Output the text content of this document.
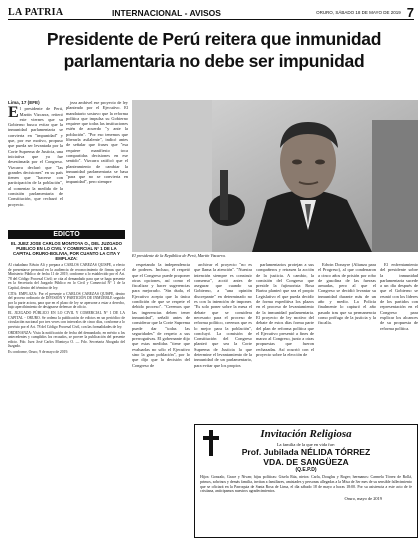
LA PATRIA	INTERNACIONAL - AVISOS	ORURO, SÁBADO 18 DE MAYO DE 2019 7
Presidente de Perú reitera que inmunidad
parlamentaria no debe ser impunidad

Lima, 17 (EFE)

El presidente de Perú, Martín Vizcarra, reiteró este viernes que su Gobierno busca evitar que la inmunidad parlamentaria se convierta en "impunidad" y que, por ese motivo, propuso que pueda ser levantada por la Corte Suprema de Justicia, una iniciativa que ya fue desestimada por el Congreso. Vizcarra declaró que "las grandes decisiones" en su país tienen que "hacerse con participación de la población", al comentar la medida de la comisión parlamentaria de Constitución, que rechazó el proyecto.

jeza ambivel ese proyecto de ley planteado por el Ejecutivo. El mandatario sostuvo que la reforma política que impulsa su Gobierno requiere que todas las instituciones estén de acuerdo "y ante la población". "Por eso tenemos que liberarla asilalente", indicó antes de señalar que frases que "esa requiere manifiesto toca compartidas decisiones en ese sentido". Vizcarra ratificó que el planteamiento de cambiar la inmunidad parlamentaria se basa "para que no se convierta en impunidad", pero siempre

El presidente de la República de Perú, Martín Vizcarra.
EDICTO
EL JUEZ JOSE CARLOS MONTOYA O., DEL JUZGADO PUBLICO EN LO CIVIL Y COMERCIAL N° 1 DE LA CAPITAL ORURO-BOLIVIA, POR CUANTO LA CITA Y EMPLAZA:

Al ciudadano Edwin Ali y prepara a CARLOS CABEZAS QUISPE, a efecto de presentarse personal en la audiencia de reconocimiento de firmas que el Ministerio Público de fecha 11 de 2019, conforme a lo establecido por el Art. 78 del Código Procesal Civil; se cita al demandado para que se haga presente en la Secretaría del Juzgado Público en lo Civil y Comercial N° 1 de la Capital, dentro del término de ley.

CITA: EMPLAZA: Por el presente a CARLOS CABEZAS QUISPE, dentro del proceso ordinario de DIVISIÓN Y PARTICIÓN DE INMUEBLE seguido por la parte actora, para que en el plazo de ley se apersone a estar a derecho, bajo apercibimiento de designarse defensor de oficio.

EL JUZGADO PÚBLICO EN LO CIVIL Y COMERCIAL N° 1 DE LA CAPITAL - ORURO. Se ordena la publicación de edictos en un periódico de circulación nacional por tres veces con intervalos de cinco días, conforme a lo previsto por el Art. 78 del Código Procesal Civil, con las formalidades de ley.

ORDENANZA: Vista la notificación de fecha del demandado, en mérito a los antecedentes y cumplidos los recaudos, se provee la publicación del presente edicto. Fdo. Juez José Carlos Montoya O. — Fdo. Secretaria Abogada del Juzgado.

Es conforme, Oruro, 9 de mayo de 2019.

respetando la independencia de poderes. Incluso, él respetó que el Congreso puede proponer otras opciones, así como el fiscalizar y hacer sugerencias para mejorarlo. "Sin duda, el Ejecutivo acepta que la única condición de que se respete el debido proceso". "Creemos que las ingerencias deben tener inmunidad", señaló antes de considerar que la Corte Suprema puede dar "todas las seguridades" de respeto a sus prerrogativas. El gobernante dijo que estas medidas "tiene que evaluarlas no sólo el Ejecutivo sino la gran población", por lo que dijo que la decisión del Congreso de

archivar el proyecto "no es que llama la atención". "Nuestra intención siempre es construir consenso", acotó antes de asegurar que cuando su Gobierno, a "una opinión discrepante" en determinado no es con la intención de imponer. "Es solo poner sobre la mesa el debate que se considera necesario para el proceso de reforma político, creemos que es lo mejor para la población", concluyó. La comisión de Constitución del Congreso planteó que sea la Corte Suprema de Justicia la que determine el levantamiento de la inmunidad de un parlamentario, para evitar que los propios

parlamentarios protejan a sus compañeros y retrasen la acción de la justicia. A cambio, la comisión del Congreso que preside la fujimorista Rosa Bartra planteó que sea el propio Legislativo el que pueda decidir de forma expeditiva los plazos en el proceso de levantamiento de la inmunidad parlamentaria. El proyecto de ley motivo del debate de estos días forma parte del plan de reforma política que el Ejecutivo presentó a fines de marzo al Congreso, junto a otras propuestas que fueron rechazadas. Así ocurrió con el proyecto sobre la elección de

Edwin Donayre (Alianza para el Progreso), al que condenaron a cinco años de prisión por robo de gasolina de las fuerzas armadas, pero al que el Congreso se decidió levantar su inmunidad durante más de un año y medio. La Policía finalmente lo capturó el año pasado tras que su permanencia como prófugo de la justicia y la fiscalía.

El enfrentamiento del presidente sobre la inmunidad parlamentaria sucede a un día después de que el Gobierno se reunió con los líderes de los partidos con representación en el Congreso para explicar los alcances de su propuesta de reforma política.

Invitación Religiosa
La familia de la que en vida fue:
Prof. Jubilada NÉLIDA TÓRREZ
VDA. DE SANGÜEZA
(Q.E.P.D)
Hijos: Gonzalo, Grace y Nivan; hijas políticas: Gisela Rúa, nietos: Carla, Douglas y Roger; hermanos: Carmela Tórrez de Rollá, primos, sobrinos y demás familia, invitan a familiares, amistades y personas allegadas a la Misa de 3er mes de su sensible fallecimiento que se oficiará en la Parroquia de Santa Rosa de Lima, el día sábado 18 de mayo a horas 18:00. Por su asistencia a este acto de fe cristiana, anticipamos nuestros agradecimientos.
Oruro, mayo de 2019
